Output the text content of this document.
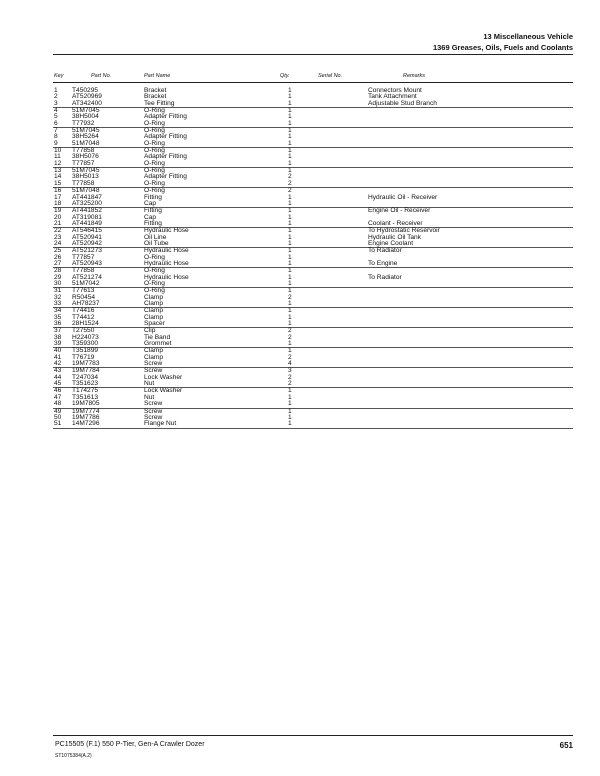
13 Miscellaneous Vehicle
1369 Greases, Oils, Fuels and Coolants
Key	Part No.	Part Name	Qty.	Serial No.	Remarks
1 T450295	Bracket	1	Connectors Mount
2 AT520969	Bracket	1	Tank Attachment
3 AT342400	Tee Fitting	1	Adjustable Stud Branch
4 51M7045	O-Ring	1
5 38H5004	Adapter Fitting	1
6 T77932	O-Ring	1
7 51M7045	O-Ring	1
8 38H5264	Adapter Fitting	1
9 51M7048	O-Ring	1
10 T77858	O-Ring	1
11 38H5076	Adapter Fitting	1
12 T77857	O-Ring	1
13 51M7045	O-Ring	1
14 38H5013	Adapter Fitting	2
15 T77858	O-Ring	2
16 51M7048	O-Ring	2
17 AT441847	Fitting	1	Hydraulic Oil - Receiver
18 AT325200	Cap	1
19 AT441852	Fitting	1	Engine Oil - Receiver
20 AT319081	Cap	1
21 AT441849	Fitting	1	Coolant - Receiver
22 AT546415	Hydraulic Hose	1	To Hydrostatic Reservoir
23 AT520941	Oil Line	1	Hydraulic Oil Tank
24 AT520942	Oil Tube	1	Engine Coolant
25 AT521273	Hydraulic Hose	1	To Radiator
26 T77857	O-Ring	1
27 AT520943	Hydraulic Hose	1	To Engine
28 T77858	O-Ring	1
29 AT521274	Hydraulic Hose	1	To Radiator
30 51M7042	O-Ring	1
31 T77613	O-Ring	1
32 R50454	Clamp	2
33 AH78237	Clamp	1
34 T74416	Clamp	1
35 T74412	Clamp	1
36 28H1524	Spacer	1
37 T27550	Clip	2
38 H224073	Tie Band	2
39 T359300	Grommet	1
40 T351899	Clamp	1
41 T76719	Clamp	2
42 19M7783	Screw	4
43 19M7784	Screw	3
44 T247034	Lock Washer	2
45 T351623	Nut	2
46 T174275	Lock Washer	1
47 T351613	Nut	1
48 19M7805	Screw	1
49 19M7774	Screw	1
50 19M7786	Screw	1
51 14M7296	Flange Nut	1
PC15505 (F.1) 550 P-Tier, Gen-A Crawler Dozer
ST1075384(A.2)
651
